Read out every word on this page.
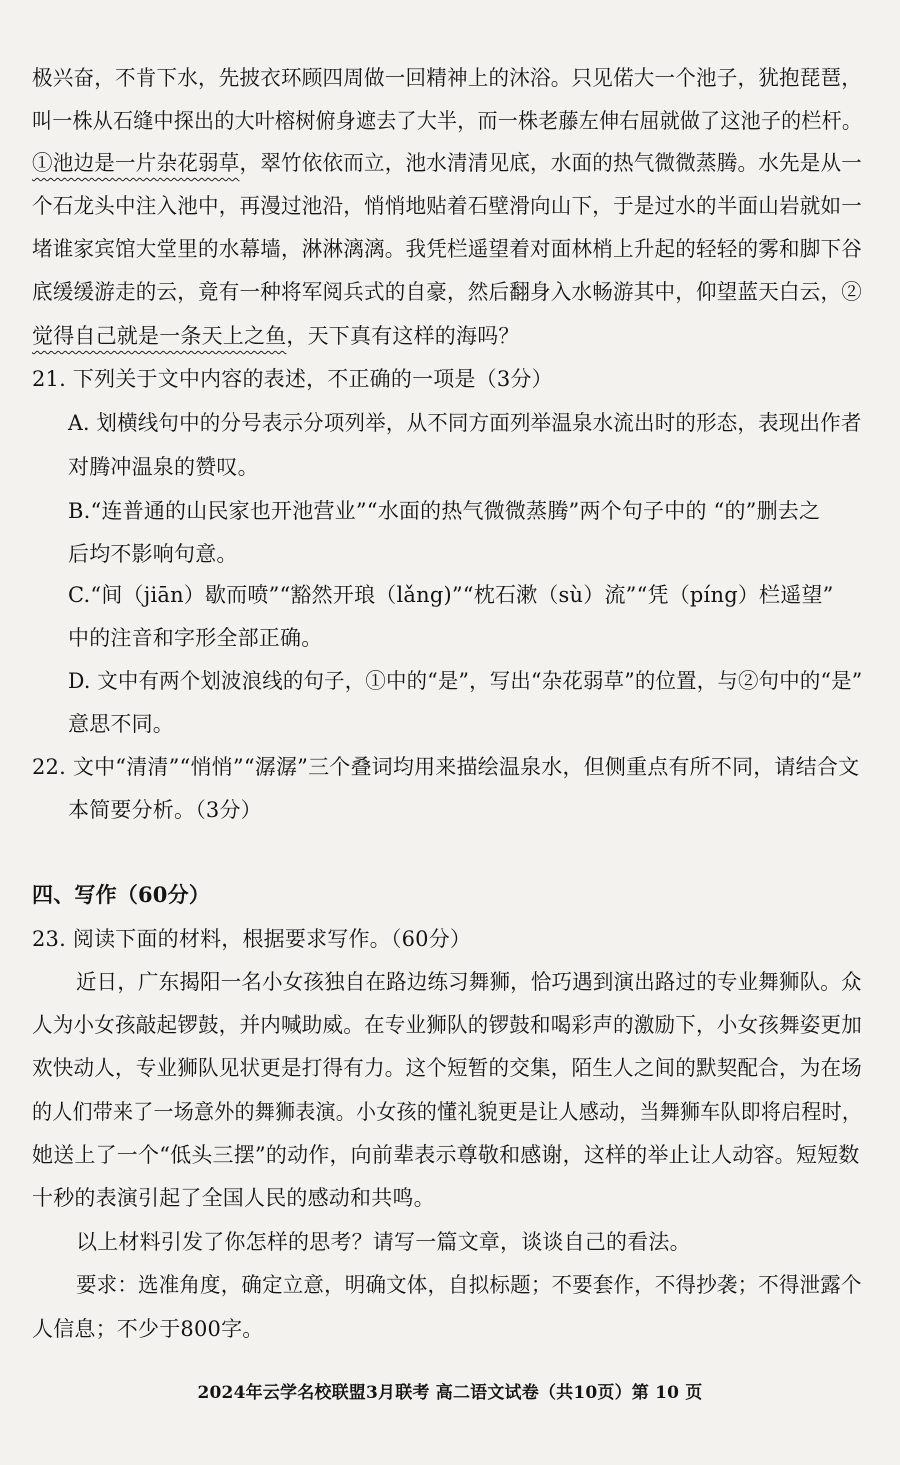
极兴奋，不肯下水，先披衣环顾四周做一回精神上的沐浴。只见偌大一个池子，犹抱琵琶，
叫一株从石缝中探出的大叶榕树俯身遮去了大半，而一株老藤左伸右屈就做了这池子的栏杆。
①池边是一片杂花弱草，翠竹依依而立，池水清清见底，水面的热气微微蒸腾。水先是从一
个石龙头中注入池中，再漫过池沿，悄悄地贴着石壁滑向山下，于是过水的半面山岩就如一
堵谁家宾馆大堂里的水幕墙，淋淋漓漓。我凭栏遥望着对面林梢上升起的轻轻的雾和脚下谷
底缓缓游走的云，竟有一种将军阅兵式的自豪，然后翻身入水畅游其中，仰望蓝天白云，②
觉得自己就是一条天上之鱼，天下真有这样的海吗？
21. 下列关于文中内容的表述，不正确的一项是（3分）
A. 划横线句中的分号表示分项列举，从不同方面列举温泉水流出时的形态，表现出作者
对腾冲温泉的赞叹。
B.“连普通的山民家也开池营业”“水面的热气微微蒸腾”两个句子中的 “的”删去之
后均不影响句意。
C.“间（jiān）歇而喷”“豁然开琅（lǎng)”“枕石漱（sù）流”“凭（píng）栏遥望”
中的注音和字形全部正确。
D. 文中有两个划波浪线的句子，①中的“是”，写出“杂花弱草”的位置，与②句中的“是”
意思不同。
22. 文中“清清”“悄悄”“潺潺”三个叠词均用来描绘温泉水，但侧重点有所不同，请结合文
本简要分析。（3分）
四、写作（60分）
23. 阅读下面的材料，根据要求写作。（60分）
近日，广东揭阳一名小女孩独自在路边练习舞狮，恰巧遇到演出路过的专业舞狮队。众
人为小女孩敲起锣鼓，并内喊助威。在专业狮队的锣鼓和喝彩声的激励下，小女孩舞姿更加
欢快动人，专业狮队见状更是打得有力。这个短暂的交集，陌生人之间的默契配合，为在场
的人们带来了一场意外的舞狮表演。小女孩的懂礼貌更是让人感动，当舞狮车队即将启程时，
她送上了一个“低头三摆”的动作，向前辈表示尊敬和感谢，这样的举止让人动容。短短数
十秒的表演引起了全国人民的感动和共鸣。
以上材料引发了你怎样的思考？请写一篇文章，谈谈自己的看法。
要求：选准角度，确定立意，明确文体，自拟标题；不要套作，不得抄袭；不得泄露个
人信息；不少于800字。
2024年云学名校联盟3月联考 高二语文试卷（共10页）第 10 页
